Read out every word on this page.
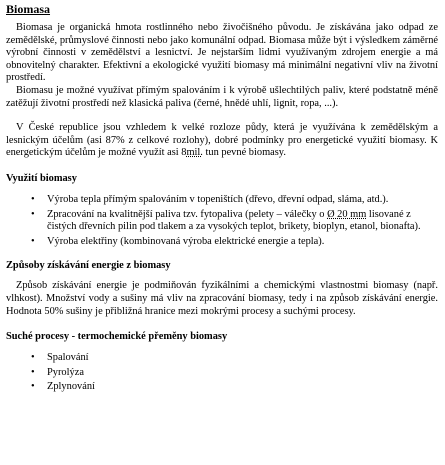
Biomasa

Biomasa je organická hmota rostlinného nebo živočišného původu. Je získávána jako odpad ze zemědělské, průmyslové činnosti nebo jako komunální odpad. Biomasa může být i výsledkem záměrné výrobní činnosti v zemědělství a lesnictví. Je nejstarším lidmi využívaným zdrojem energie a má obnovitelný charakter. Efektivní a ekologické využití biomasy má minimální negativní vliv na životní prostředí.

Biomasu je možné využívat přímým spalováním i k výrobě ušlechtilých paliv, které podstatně méně zatěžují životní prostředí než klasická paliva (černé, hnědé uhlí, lignit, ropa, ...).

V České republice jsou vzhledem k velké rozloze půdy, která je využívána k zemědělským a lesnickým účelům (asi 87% z celkové rozlohy), dobré podmínky pro energetické využití biomasy. K energetickým účelům je možné využít asi 8mil. tun pevné biomasy.

Využití biomasy
• Výroba tepla přímým spalováním v topeništích (dřevo, dřevní odpad, sláma, atd.).
• Zpracování na kvalitnější paliva tzv. fytopaliva (pelety – válečky o Ø 20 mm lisované z čistých dřevních pilin pod tlakem a za vysokých teplot, brikety, bioplyn, etanol, bionafta).
• Výroba elektřiny (kombinovaná výroba elektrické energie a tepla).
Způsoby získávání energie z biomasy

Způsob získávání energie je podmiňován fyzikálními a chemickými vlastnostmi biomasy (např. vlhkost). Množství vody a sušiny má vliv na zpracování biomasy, tedy i na způsob získávání energie. Hodnota 50% sušiny je přibližná hranice mezi mokrými procesy a suchými procesy.

Suché procesy - termochemické přeměny biomasy
• Spalování
• Pyrolýza
• Zplynování
